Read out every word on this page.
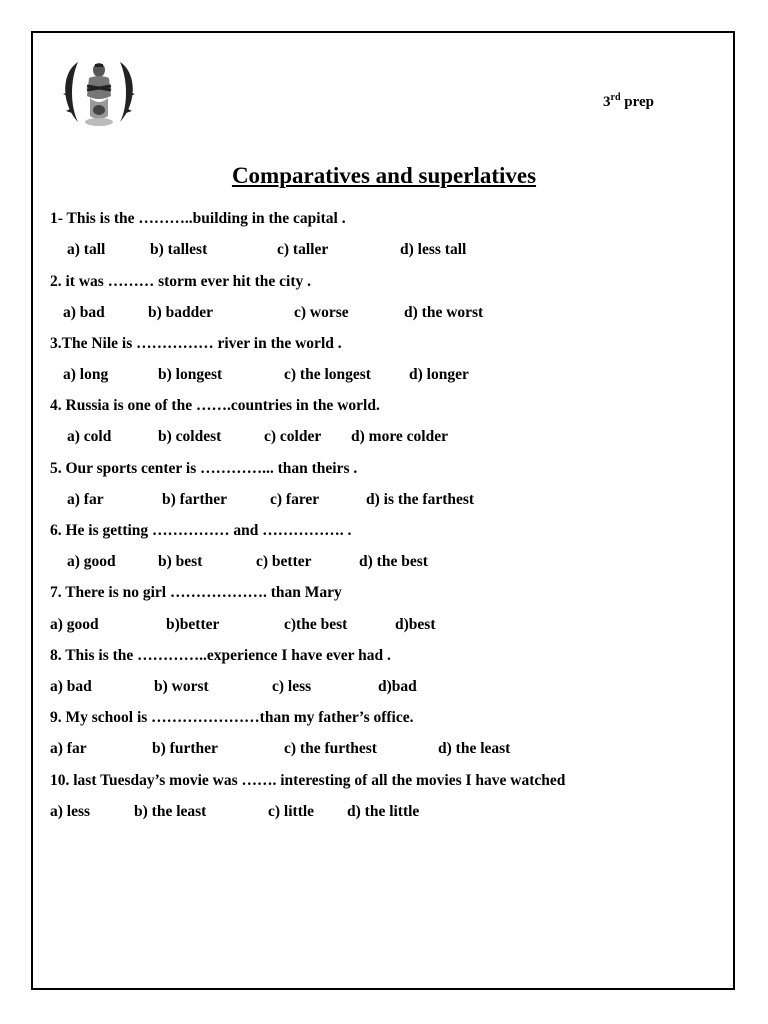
3rd prep
Comparatives and superlatives
1- This is the ………..building in the capital .
a) tall	b) tallest	c) taller	d) less tall
2. it was ……… storm ever hit the city .
a) bad	b) badder	c) worse	d) the worst
3.The Nile is …………… river in the world .
a) long	b) longest	c) the longest d) longer
4. Russia is one of the …….countries in the world.
a) cold	b) coldest	c) colder d) more colder
5. Our sports center is …………... than theirs .
a) far	b) farther	c) farer	d) is the farthest
6. He is getting …………… and ……………. .
a) good	b) best	c) better	d) the best
7. There is no girl ………………. than Mary
a) good	b)better	c)the best	d)best
8. This is the …………..experience I have ever had .
a) bad	b) worst	c) less	d)bad
9. My school is …………………than my father’s office.
a) far	b) further	c) the furthest	d) the least
10. last Tuesday’s movie was ……. interesting of all the movies I have watched
a) less	b) the least	c) little d) the little
